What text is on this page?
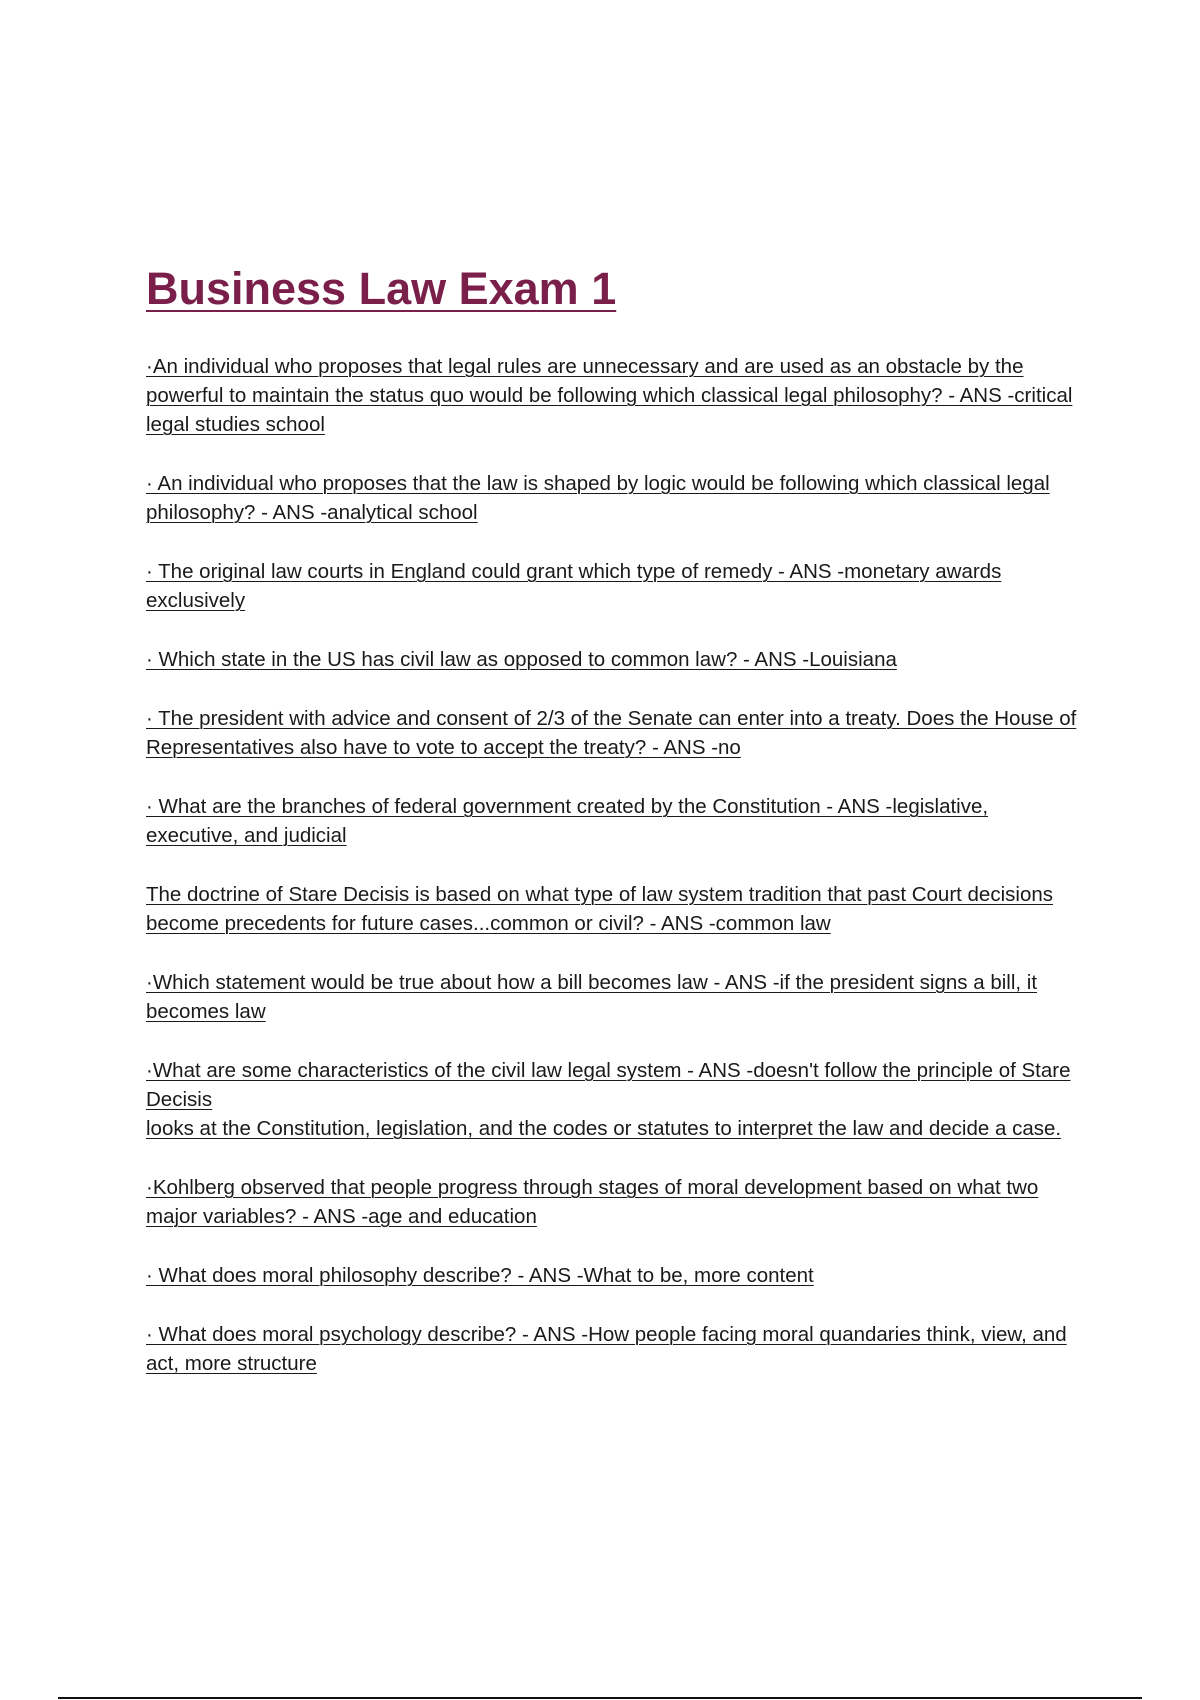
Business Law Exam 1

·An individual who proposes that legal rules are unnecessary and are used as an obstacle by the powerful to maintain the status quo would be following which classical legal philosophy? - ANS -critical legal studies school

· An individual who proposes that the law is shaped by logic would be following which classical legal philosophy? - ANS -analytical school

· The original law courts in England could grant which type of remedy - ANS -monetary awards exclusively

· Which state in the US has civil law as opposed to common law? - ANS -Louisiana

· The president with advice and consent of 2/3 of the Senate can enter into a treaty. Does the House of Representatives also have to vote to accept the treaty? - ANS -no

· What are the branches of federal government created by the Constitution - ANS -legislative, executive, and judicial

The doctrine of Stare Decisis is based on what type of law system tradition that past Court decisions become precedents for future cases...common or civil? - ANS -common law

·Which statement would be true about how a bill becomes law - ANS -if the president signs a bill, it becomes law

·What are some characteristics of the civil law legal system - ANS -doesn't follow the principle of Stare Decisis
looks at the Constitution, legislation, and the codes or statutes to interpret the law and decide a case.

·Kohlberg observed that people progress through stages of moral development based on what two major variables? - ANS -age and education

· What does moral philosophy describe? - ANS -What to be, more content

· What does moral psychology describe? - ANS -How people facing moral quandaries think, view, and act, more structure
